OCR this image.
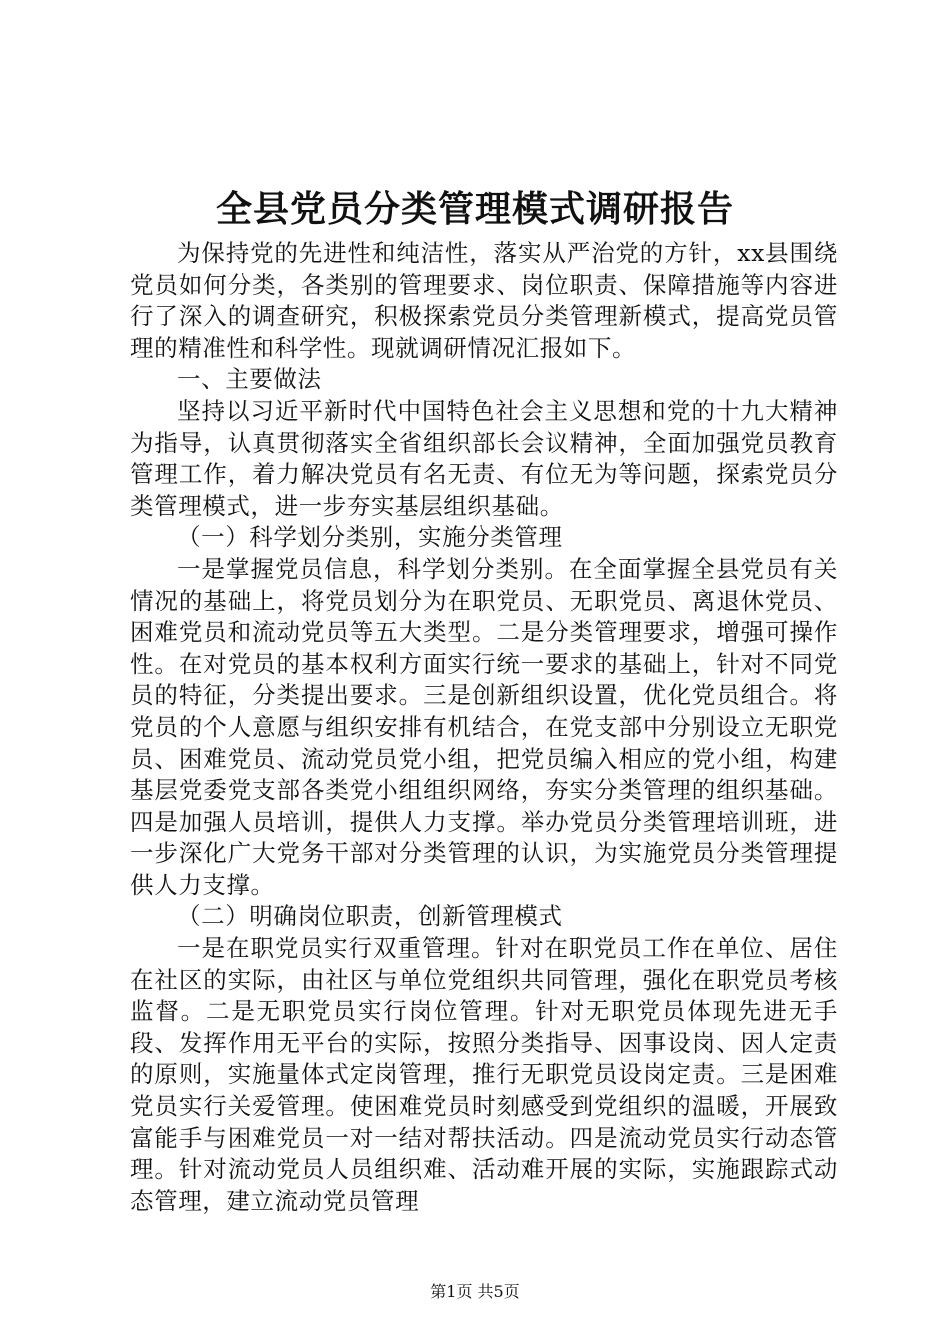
全县党员分类管理模式调研报告

为保持党的先进性和纯洁性，落实从严治党的方针，xx县围绕党员如何分类，各类别的管理要求、岗位职责、保障措施等内容进行了深入的调查研究，积极探索党员分类管理新模式，提高党员管理的精准性和科学性。现就调研情况汇报如下。

一、主要做法

坚持以习近平新时代中国特色社会主义思想和党的十九大精神为指导，认真贯彻落实全省组织部长会议精神，全面加强党员教育管理工作，着力解决党员有名无责、有位无为等问题，探索党员分类管理模式，进一步夯实基层组织基础。

（一）科学划分类别，实施分类管理

一是掌握党员信息，科学划分类别。在全面掌握全县党员有关情况的基础上，将党员划分为在职党员、无职党员、离退休党员、困难党员和流动党员等五大类型。二是分类管理要求，增强可操作性。在对党员的基本权利方面实行统一要求的基础上，针对不同党员的特征，分类提出要求。三是创新组织设置，优化党员组合。将党员的个人意愿与组织安排有机结合，在党支部中分别设立无职党员、困难党员、流动党员党小组，把党员编入相应的党小组，构建基层党委党支部各类党小组组织网络，夯实分类管理的组织基础。四是加强人员培训，提供人力支撑。举办党员分类管理培训班，进一步深化广大党务干部对分类管理的认识，为实施党员分类管理提供人力支撑。

（二）明确岗位职责，创新管理模式

一是在职党员实行双重管理。针对在职党员工作在单位、居住在社区的实际，由社区与单位党组织共同管理，强化在职党员考核监督。二是无职党员实行岗位管理。针对无职党员体现先进无手段、发挥作用无平台的实际，按照分类指导、因事设岗、因人定责的原则，实施量体式定岗管理，推行无职党员设岗定责。三是困难党员实行关爱管理。使困难党员时刻感受到党组织的温暖，开展致富能手与困难党员一对一结对帮扶活动。四是流动党员实行动态管理。针对流动党员人员组织难、活动难开展的实际，实施跟踪式动态管理，建立流动党员管理

第1页 共5页
